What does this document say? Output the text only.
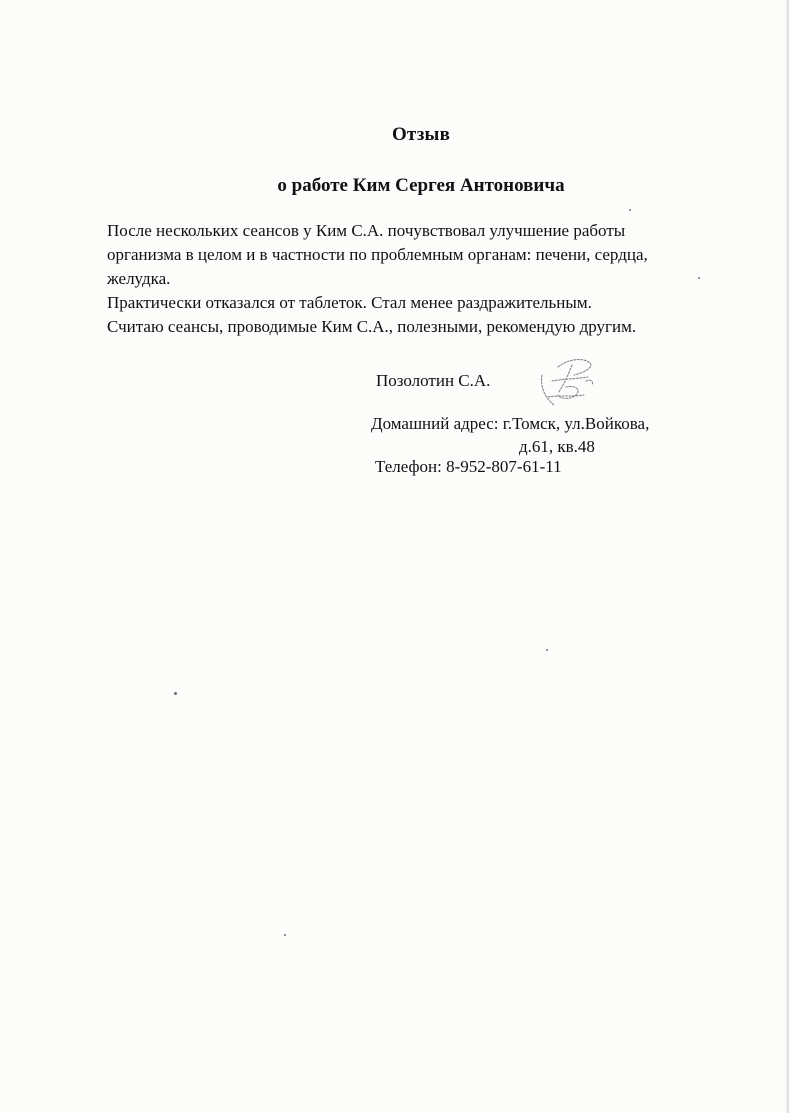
Отзыв
о работе Ким Сергея Антоновича
После нескольких сеансов у Ким С.А. почувствовал улучшение работы
организма в целом и в частности по проблемным органам: печени, сердца,
желудка.
Практически отказался от таблеток. Стал менее раздражительным.
Считаю сеансы, проводимые Ким С.А., полезными, рекомендую другим.
Позолотин С.А.
Домашний адрес: г.Томск, ул.Войкова,
д.61, кв.48
Телефон: 8-952-807-61-11
